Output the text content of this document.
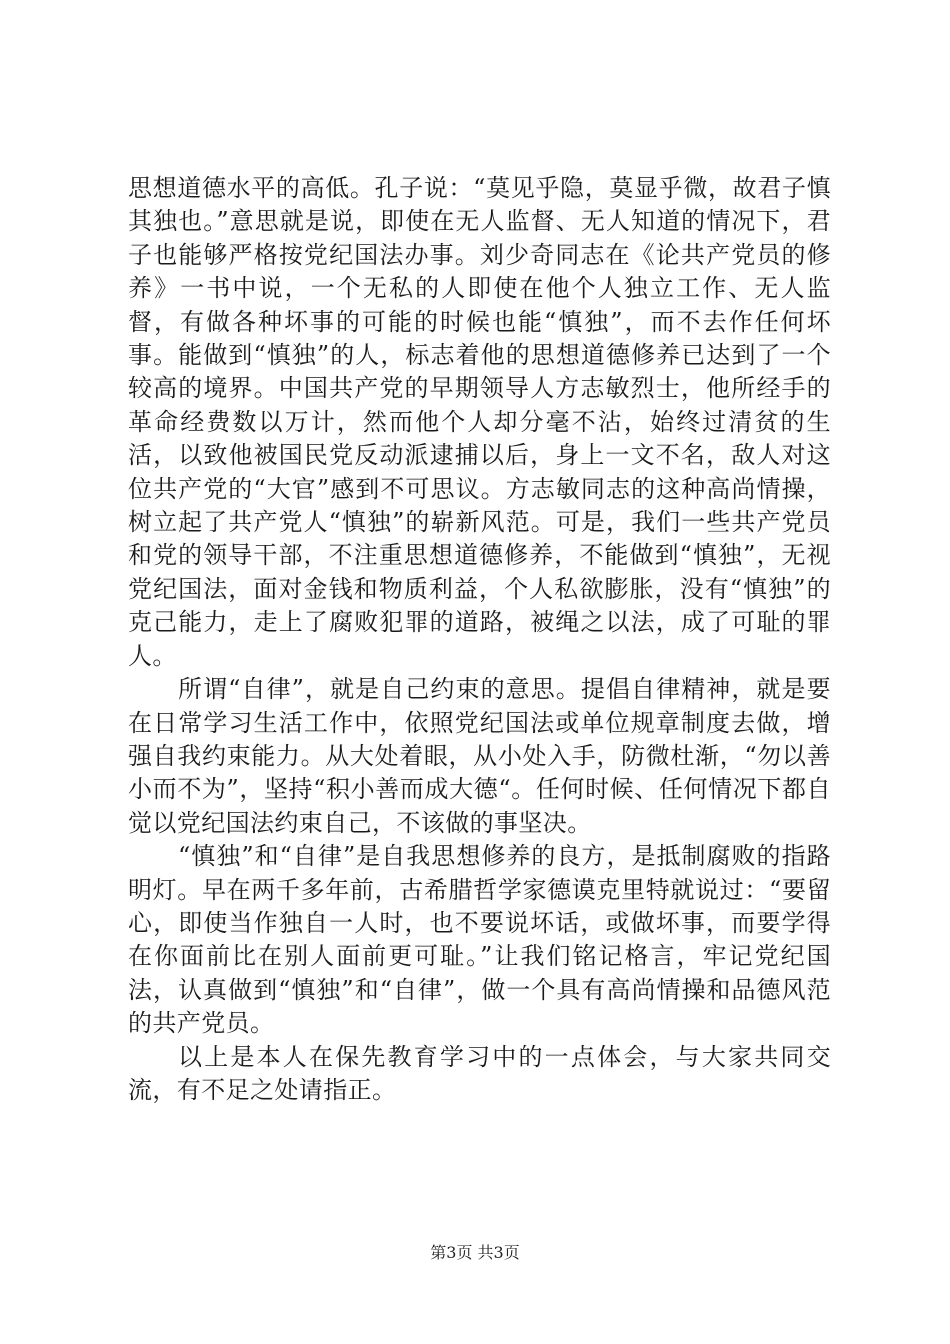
思想道德水平的高低。孔子说：“莫见乎隐，莫显乎微，故君子慎其独也。”意思就是说，即使在无人监督、无人知道的情况下，君子也能够严格按党纪国法办事。刘少奇同志在《论共产党员的修养》一书中说，一个无私的人即使在他个人独立工作、无人监督，有做各种坏事的可能的时候也能“慎独”，而不去作任何坏事。能做到“慎独”的人，标志着他的思想道德修养已达到了一个较高的境界。中国共产党的早期领导人方志敏烈士，他所经手的革命经费数以万计，然而他个人却分毫不沾，始终过清贫的生活，以致他被国民党反动派逮捕以后，身上一文不名，敌人对这位共产党的“大官”感到不可思议。方志敏同志的这种高尚情操，树立起了共产党人“慎独”的崭新风范。可是，我们一些共产党员和党的领导干部，不注重思想道德修养，不能做到“慎独”，无视党纪国法，面对金钱和物质利益，个人私欲膨胀，没有“慎独”的克己能力，走上了腐败犯罪的道路，被绳之以法，成了可耻的罪人。

所谓“自律”，就是自己约束的意思。提倡自律精神，就是要在日常学习生活工作中，依照党纪国法或单位规章制度去做，增强自我约束能力。从大处着眼，从小处入手，防微杜渐，“勿以善小而不为”，坚持“积小善而成大德“。任何时候、任何情况下都自觉以党纪国法约束自己，不该做的事坚决。

“慎独”和“自律”是自我思想修养的良方，是抵制腐败的指路明灯。早在两千多年前，古希腊哲学家德谟克里特就说过：“要留心，即使当作独自一人时，也不要说坏话，或做坏事，而要学得在你面前比在别人面前更可耻。”让我们铭记格言，牢记党纪国法，认真做到“慎独”和“自律”，做一个具有高尚情操和品德风范的共产党员。

以上是本人在保先教育学习中的一点体会，与大家共同交流，有不足之处请指正。

第3页 共3页
